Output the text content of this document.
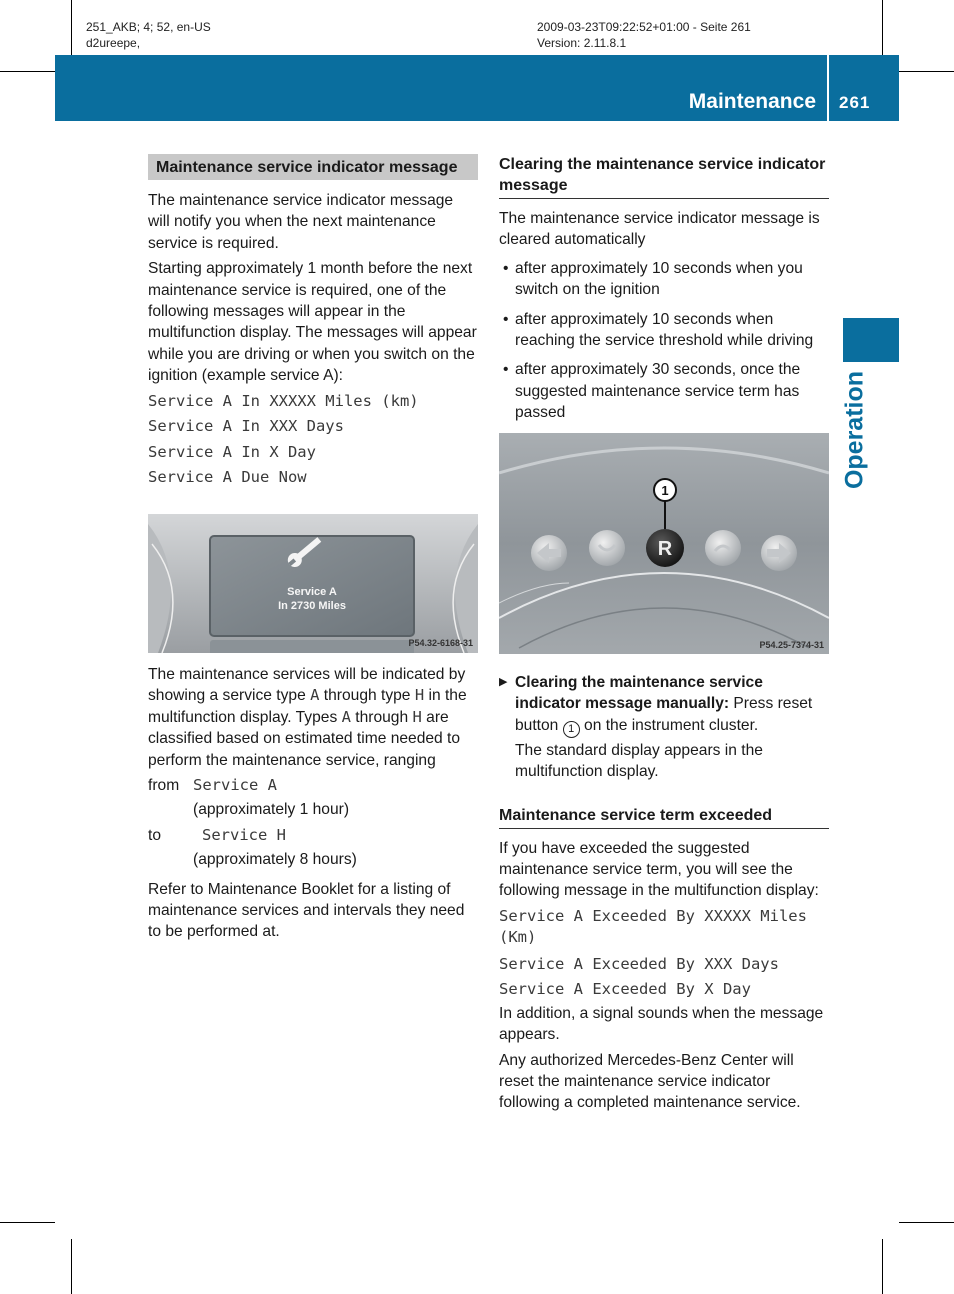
251_AKB; 4; 52, en-US
d2ureepe,
2009-03-23T09:22:52+01:00 - Seite 261
Version: 2.11.8.1
Maintenance 261
Operation
Maintenance service indicator message

The maintenance service indicator message will notify you when the next maintenance service is required.

Starting approximately 1 month before the next maintenance service is required, one of the following messages will appear in the multifunction display. The messages will appear while you are driving or when you switch on the ignition (example service A):

Service A In XXXXX Miles (km)
Service A In XXX Days
Service A In X Day
Service A Due Now
Service A
In 2730 Miles
P54.32-6168-31

The maintenance services will be indicated by showing a service type A through type H in the multifunction display. Types A through H are classified based on estimated time needed to perform the maintenance service, ranging

from Service A
(approximately 1 hour)
to	Service H
(approximately 8 hours)

Refer to Maintenance Booklet for a listing of maintenance services and intervals they need to be performed at.

Clearing the maintenance service indicator message

The maintenance service indicator message is cleared automatically

• after approximately 10 seconds when you switch on the ignition

• after approximately 10 seconds when reaching the service threshold while driving

• after approximately 30 seconds, once the suggested maintenance service term has passed

R
1
P54.25-7374-31
▶ Clearing the maintenance service indicator message manually: Press reset button 1 on the instrument cluster.

The standard display appears in the multifunction display.

Maintenance service term exceeded

If you have exceeded the suggested maintenance service term, you will see the following message in the multifunction display:

Service A Exceeded By XXXXX Miles (Km)
Service A Exceeded By XXX Days
Service A Exceeded By X Day

In addition, a signal sounds when the message appears.

Any authorized Mercedes-Benz Center will reset the maintenance service indicator following a completed maintenance service.
